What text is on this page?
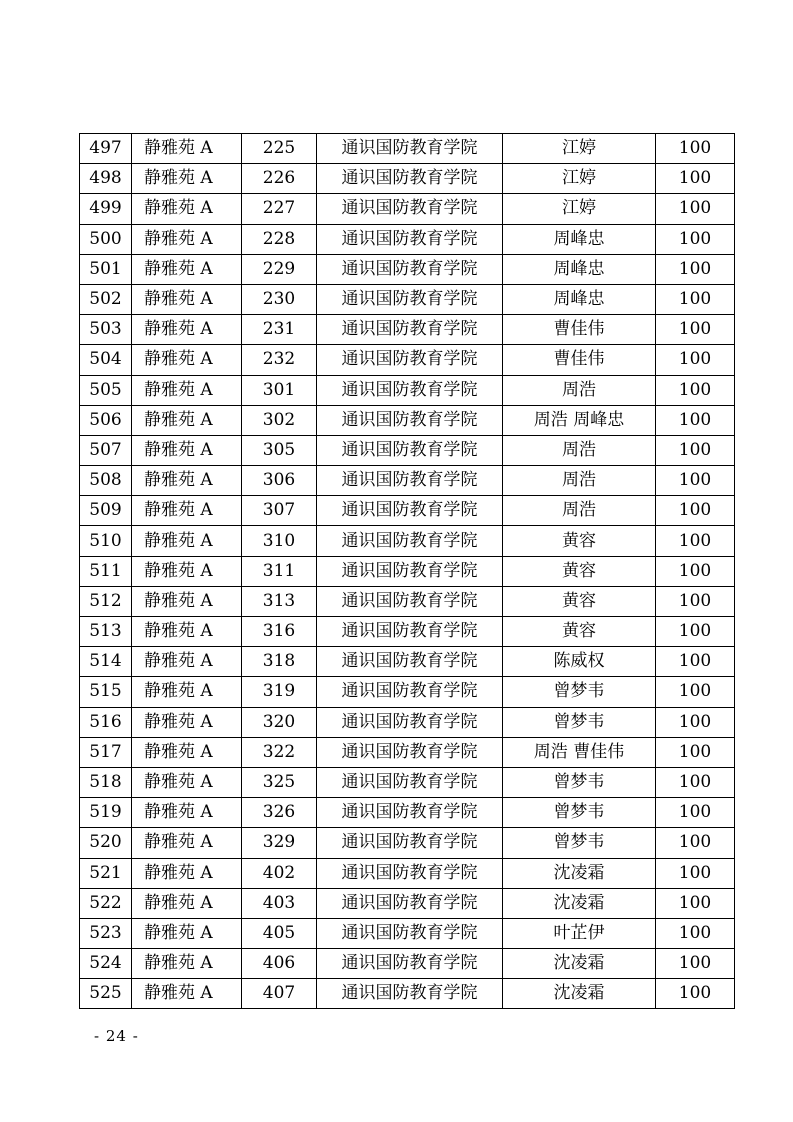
497	静雅苑 A	225	通识国防教育学院	江婷	100
498	静雅苑 A	226	通识国防教育学院	江婷	100
499	静雅苑 A	227	通识国防教育学院	江婷	100
500	静雅苑 A	228	通识国防教育学院	周峰忠	100
501	静雅苑 A	229	通识国防教育学院	周峰忠	100
502	静雅苑 A	230	通识国防教育学院	周峰忠	100
503	静雅苑 A	231	通识国防教育学院	曹佳伟	100
504	静雅苑 A	232	通识国防教育学院	曹佳伟	100
505	静雅苑 A	301	通识国防教育学院	周浩	100
506	静雅苑 A	302	通识国防教育学院	周浩 周峰忠	100
507	静雅苑 A	305	通识国防教育学院	周浩	100
508	静雅苑 A	306	通识国防教育学院	周浩	100
509	静雅苑 A	307	通识国防教育学院	周浩	100
510	静雅苑 A	310	通识国防教育学院	黄容	100
511	静雅苑 A	311	通识国防教育学院	黄容	100
512	静雅苑 A	313	通识国防教育学院	黄容	100
513	静雅苑 A	316	通识国防教育学院	黄容	100
514	静雅苑 A	318	通识国防教育学院	陈威权	100
515	静雅苑 A	319	通识国防教育学院	曾梦韦	100
516	静雅苑 A	320	通识国防教育学院	曾梦韦	100
517	静雅苑 A	322	通识国防教育学院	周浩 曹佳伟	100
518	静雅苑 A	325	通识国防教育学院	曾梦韦	100
519	静雅苑 A	326	通识国防教育学院	曾梦韦	100
520	静雅苑 A	329	通识国防教育学院	曾梦韦	100
521	静雅苑 A	402	通识国防教育学院	沈凌霜	100
522	静雅苑 A	403	通识国防教育学院	沈凌霜	100
523	静雅苑 A	405	通识国防教育学院	叶芷伊	100
524	静雅苑 A	406	通识国防教育学院	沈凌霜	100
525	静雅苑 A	407	通识国防教育学院	沈凌霜	100
- 24 -
